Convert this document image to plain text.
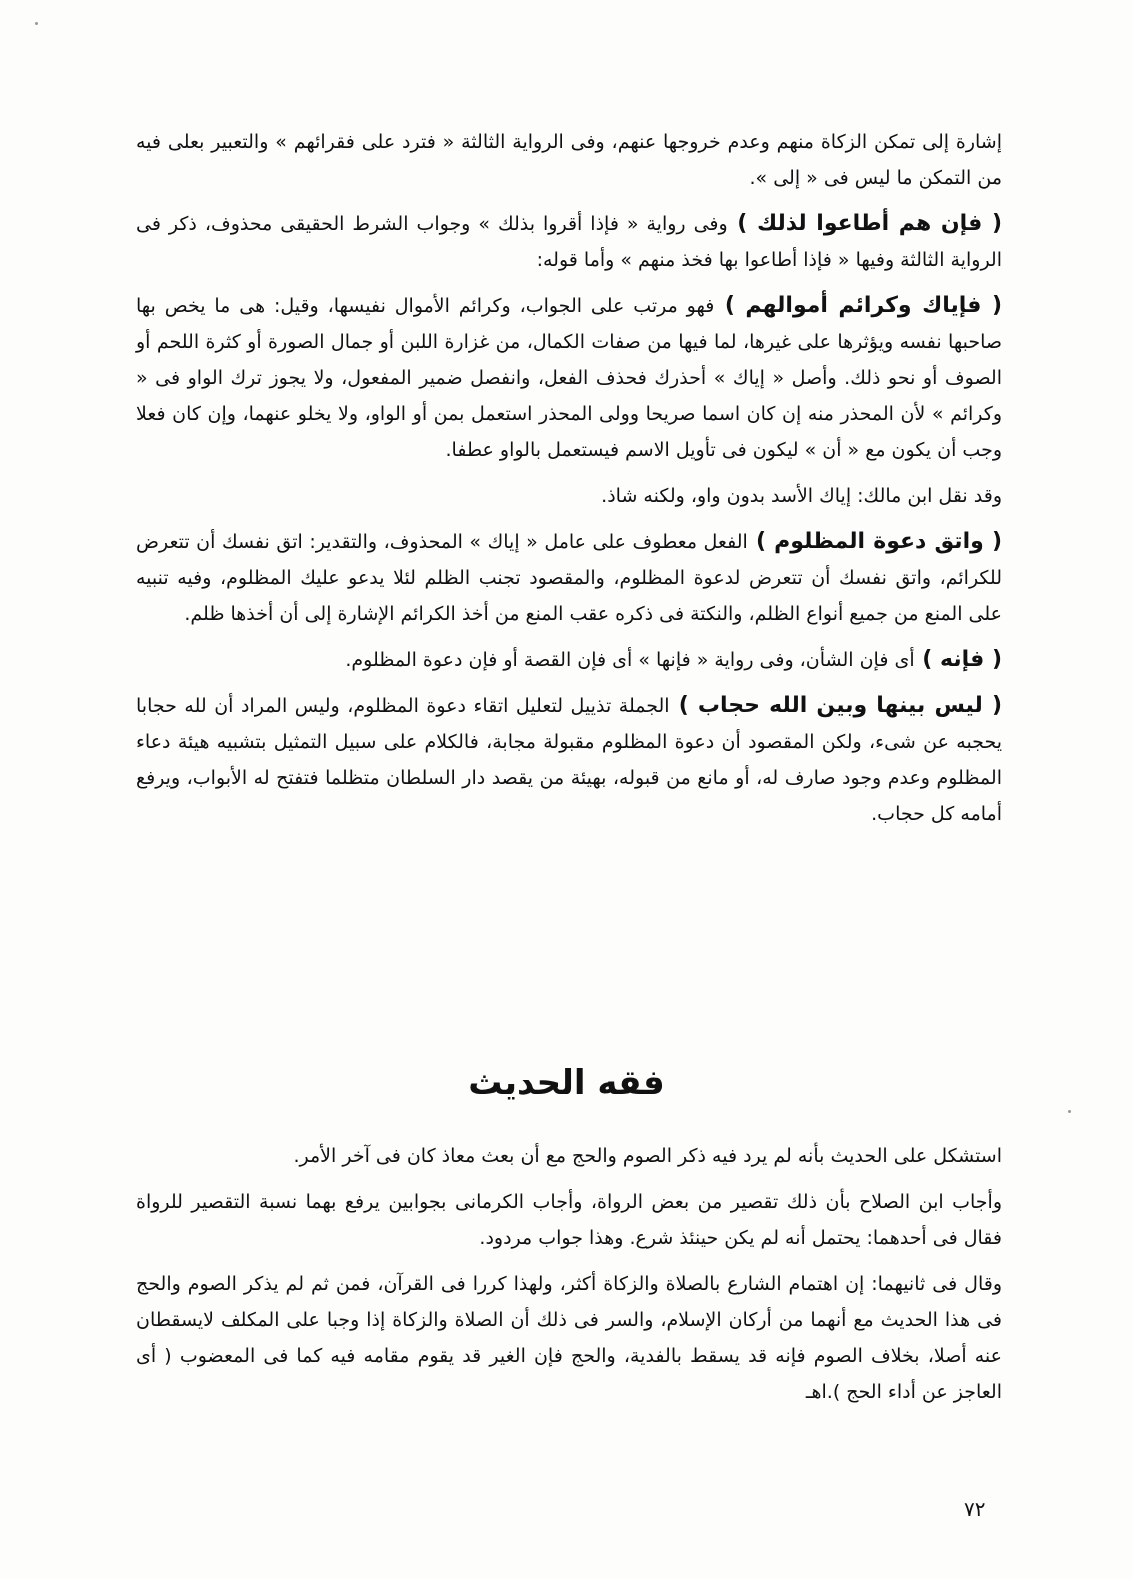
إشارة إلى تمكن الزكاة منهم وعدم خروجها عنهم، وفى الرواية الثالثة « فترد على فقرائهم » والتعبير بعلى فيه من التمكن ما ليس فى « إلى ».

( فإن هم أطاعوا لذلك ) وفى رواية « فإذا أقروا بذلك » وجواب الشرط الحقيقى محذوف، ذكر فى الرواية الثالثة وفيها « فإذا أطاعوا بها فخذ منهم » وأما قوله:

( فإياك وكرائم أموالهم ) فهو مرتب على الجواب، وكرائم الأموال نفيسها، وقيل: هى ما يخص بها صاحبها نفسه ويؤثرها على غيرها، لما فيها من صفات الكمال، من غزارة اللبن أو جمال الصورة أو كثرة اللحم أو الصوف أو نحو ذلك. وأصل « إياك » أحذرك فحذف الفعل، وانفصل ضمير المفعول، ولا يجوز ترك الواو فى « وكرائم » لأن المحذر منه إن كان اسما صريحا وولى المحذر استعمل بمن أو الواو، ولا يخلو عنهما، وإن كان فعلا وجب أن يكون مع « أن » ليكون فى تأويل الاسم فيستعمل بالواو عطفا.

وقد نقل ابن مالك: إياك الأسد بدون واو، ولكنه شاذ.

( واتق دعوة المظلوم ) الفعل معطوف على عامل « إياك » المحذوف، والتقدير: اتق نفسك أن تتعرض للكرائم، واتق نفسك أن تتعرض لدعوة المظلوم، والمقصود تجنب الظلم لئلا يدعو عليك المظلوم، وفيه تنبيه على المنع من جميع أنواع الظلم، والنكتة فى ذكره عقب المنع من أخذ الكرائم الإشارة إلى أن أخذها ظلم.

( فإنه ) أى فإن الشأن، وفى رواية « فإنها » أى فإن القصة أو فإن دعوة المظلوم.

( ليس بينها وبين الله حجاب ) الجملة تذييل لتعليل اتقاء دعوة المظلوم، وليس المراد أن لله حجابا يحجبه عن شىء، ولكن المقصود أن دعوة المظلوم مقبولة مجابة، فالكلام على سبيل التمثيل بتشبيه هيئة دعاء المظلوم وعدم وجود صارف له، أو مانع من قبوله، بهيئة من يقصد دار السلطان متظلما فتفتح له الأبواب، ويرفع أمامه كل حجاب.

فقه الحديث

استشكل على الحديث بأنه لم يرد فيه ذكر الصوم والحج مع أن بعث معاذ كان فى آخر الأمر.

وأجاب ابن الصلاح بأن ذلك تقصير من بعض الرواة، وأجاب الكرمانى بجوابين يرفع بهما نسبة التقصير للرواة فقال فى أحدهما: يحتمل أنه لم يكن حينئذ شرع. وهذا جواب مردود.

وقال فى ثانيهما: إن اهتمام الشارع بالصلاة والزكاة أكثر، ولهذا كررا فى القرآن، فمن ثم لم يذكر الصوم والحج فى هذا الحديث مع أنهما من أركان الإسلام، والسر فى ذلك أن الصلاة والزكاة إذا وجبا على المكلف لايسقطان عنه أصلا، بخلاف الصوم فإنه قد يسقط بالفدية، والحج فإن الغير قد يقوم مقامه فيه كما فى المعضوب ( أى العاجز عن أداء الحج ).اهـ

٧٢
